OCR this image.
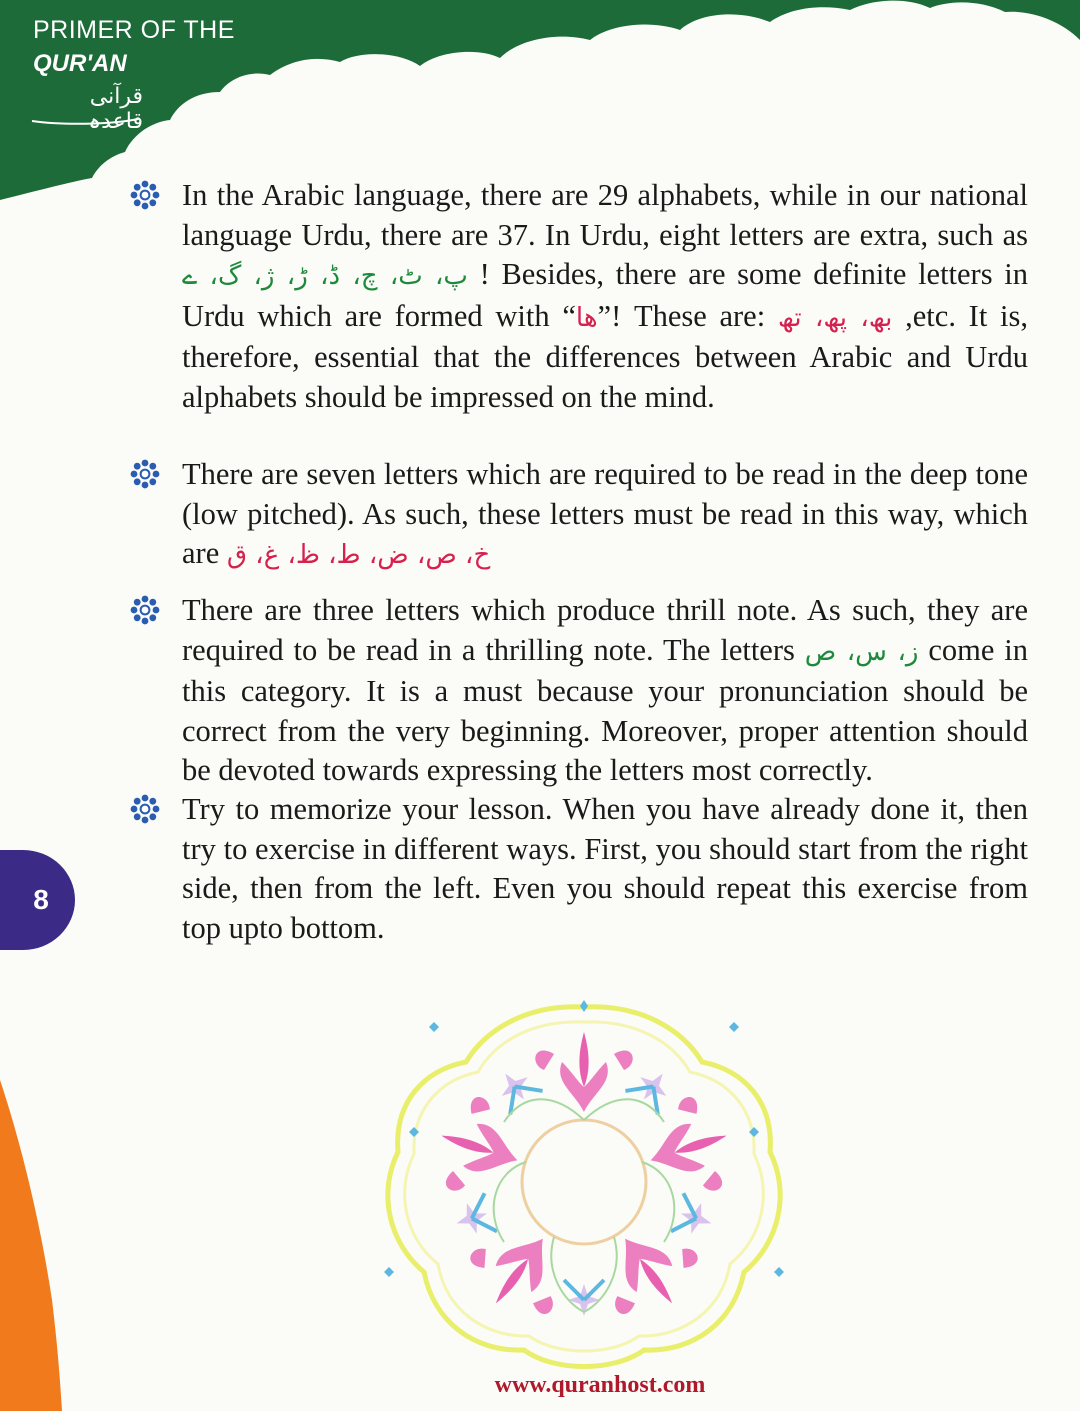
PRIMER OF THE
QUR'AN
قرآنی قاعدہ
8
In the Arabic language, there are 29 alphabets, while in our national language Urdu, there are 37. In Urdu, eight letters are extra, such as پ، ٹ، چ، ڈ، ڑ، ژ، گ، ے ! Besides, there are some definite letters in Urdu which are formed with “ھا”! These are: بھ، پھ، تھ ,etc. It is, therefore, essential that the differences between Arabic and Urdu alphabets should be impressed on the mind.
There are seven letters which are required to be read in the deep tone (low pitched). As such, these letters must be read in this way, which are خ، ص، ض، ط، ظ، غ، ق
There are three letters which produce thrill note. As such, they are required to be read in a thrilling note. The letters ز، س، ص come in this category. It is a must because your pronunciation should be correct from the very beginning. Moreover, proper attention should be devoted towards expressing the letters most correctly.
Try to memorize your lesson. When you have already done it, then try to exercise in different ways. First, you should start from the right side, then from the left. Even you should repeat this exercise from top upto bottom.
www.quranhost.com
